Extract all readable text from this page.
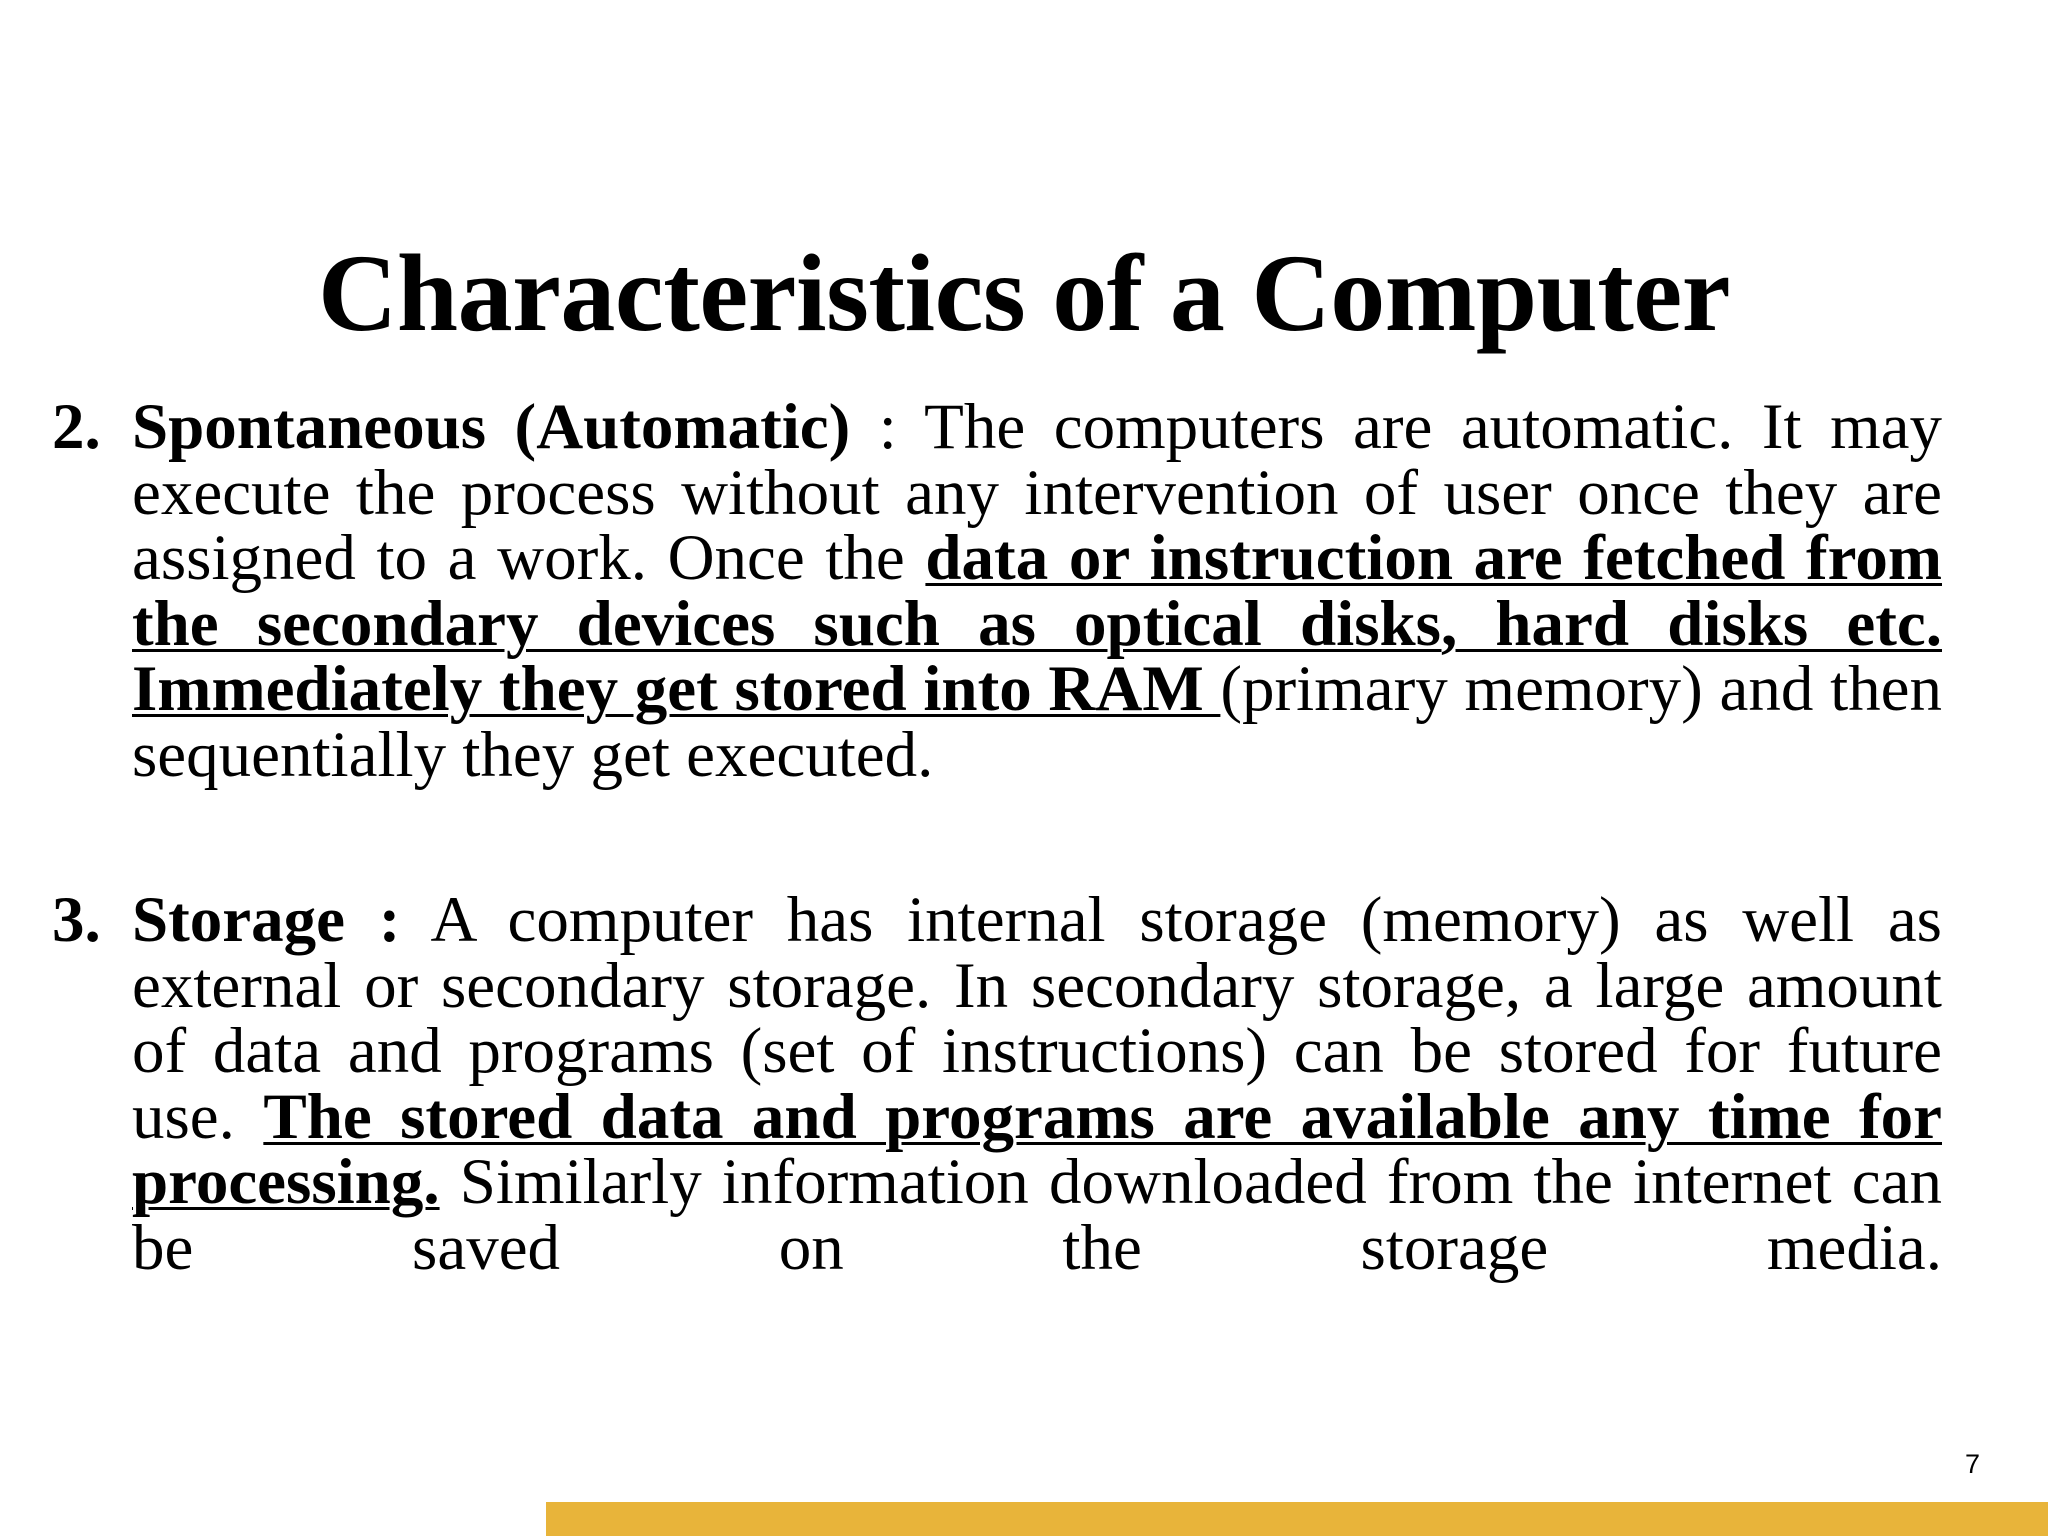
Characteristics of a Computer
2. Spontaneous (Automatic) : The computers are automatic. It may execute the process without any intervention of user once they are assigned to a work. Once the data or instruction are fetched from the secondary devices such as optical disks, hard disks etc. Immediately they get stored into RAM (primary memory) and then sequentially they get executed.
3. Storage : A computer has internal storage (memory) as well as external or secondary storage. In secondary storage, a large amount of data and programs (set of instructions) can be stored for future use. The stored data and programs are available any time for processing. Similarly information downloaded from the internet can be saved on the storage media.
7
